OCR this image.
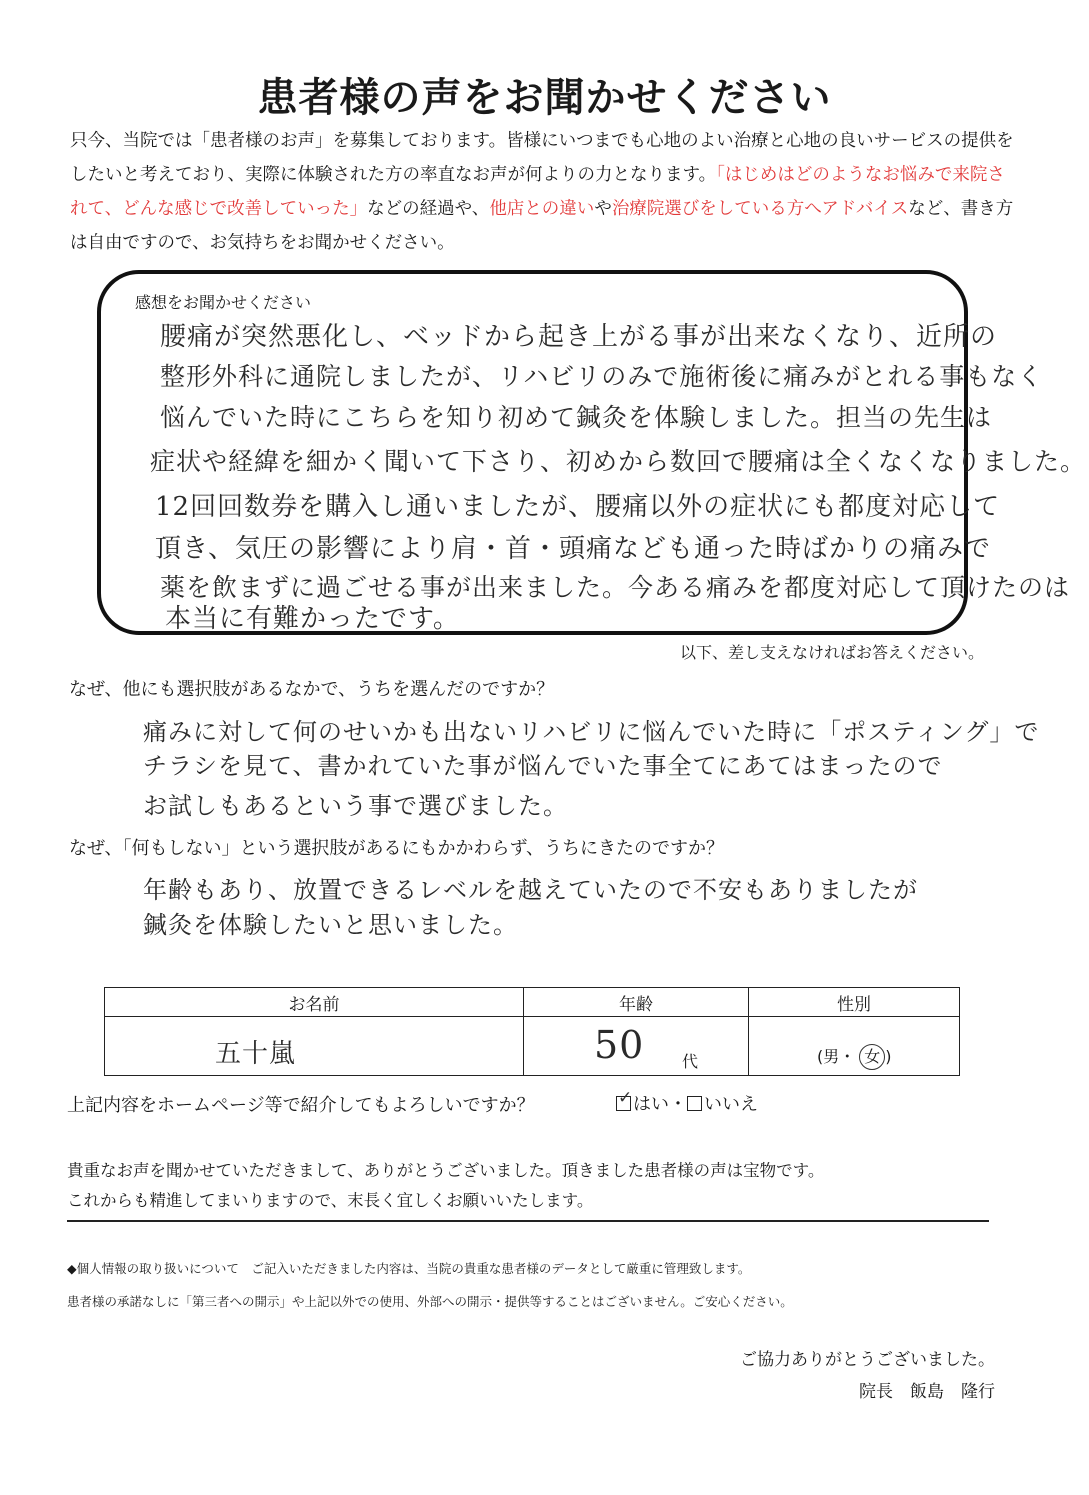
患者様の声をお聞かせください
只今、当院では「患者様のお声」を募集しております。皆様にいつまでも心地のよい治療と心地の良いサービスの提供をしたいと考えており、実際に体験された方の率直なお声が何よりの力となります。「はじめはどのようなお悩みで来院されて、どんな感じで改善していった」などの経過や、他店との違いや治療院選びをしている方へアドバイスなど、書き方は自由ですので、お気持ちをお聞かせください。
感想をお聞かせください
腰痛が突然悪化し、ベッドから起き上がる事が出来なくなり、近所の
整形外科に通院しましたが、リハビリのみで施術後に痛みがとれる事もなく
悩んでいた時にこちらを知り初めて鍼灸を体験しました。担当の先生は
症状や経緯を細かく聞いて下さり、初めから数回で腰痛は全くなくなりました。
12回回数券を購入し通いましたが、腰痛以外の症状にも都度対応して
頂き、気圧の影響により肩・首・頭痛なども通った時ばかりの痛みで
薬を飲まずに過ごせる事が出来ました。今ある痛みを都度対応して頂けたのは
本当に有難かったです。
以下、差し支えなければお答えください。
なぜ、他にも選択肢があるなかで、うちを選んだのですか？
痛みに対して何のせいかも出ないリハビリに悩んでいた時に「ポスティング」で
チラシを見て、書かれていた事が悩んでいた事全てにあてはまったので
お試しもあるという事で選びました。
なぜ、「何もしない」という選択肢があるにもかかわらず、うちにきたのですか？
年齢もあり、放置できるレベルを越えていたので不安もありましたが
鍼灸を体験したいと思いました。
お名前	年齢	性別

五十嵐	50 代	(男・ 女 )
上記内容をホームページ等で紹介してもよろしいですか？ ✓	はい・ いいえ
貴重なお声を聞かせていただきまして、ありがとうございました。頂きました患者様の声は宝物です。
これからも精進してまいりますので、末長く宜しくお願いいたします。
◆個人情報の取り扱いについて　ご記入いただきました内容は、当院の貴重な患者様のデータとして厳重に管理致します。
患者様の承諾なしに「第三者への開示」や上記以外での使用、外部への開示・提供等することはございません。ご安心ください。
ご協力ありがとうございました。
院長　飯島　隆行
